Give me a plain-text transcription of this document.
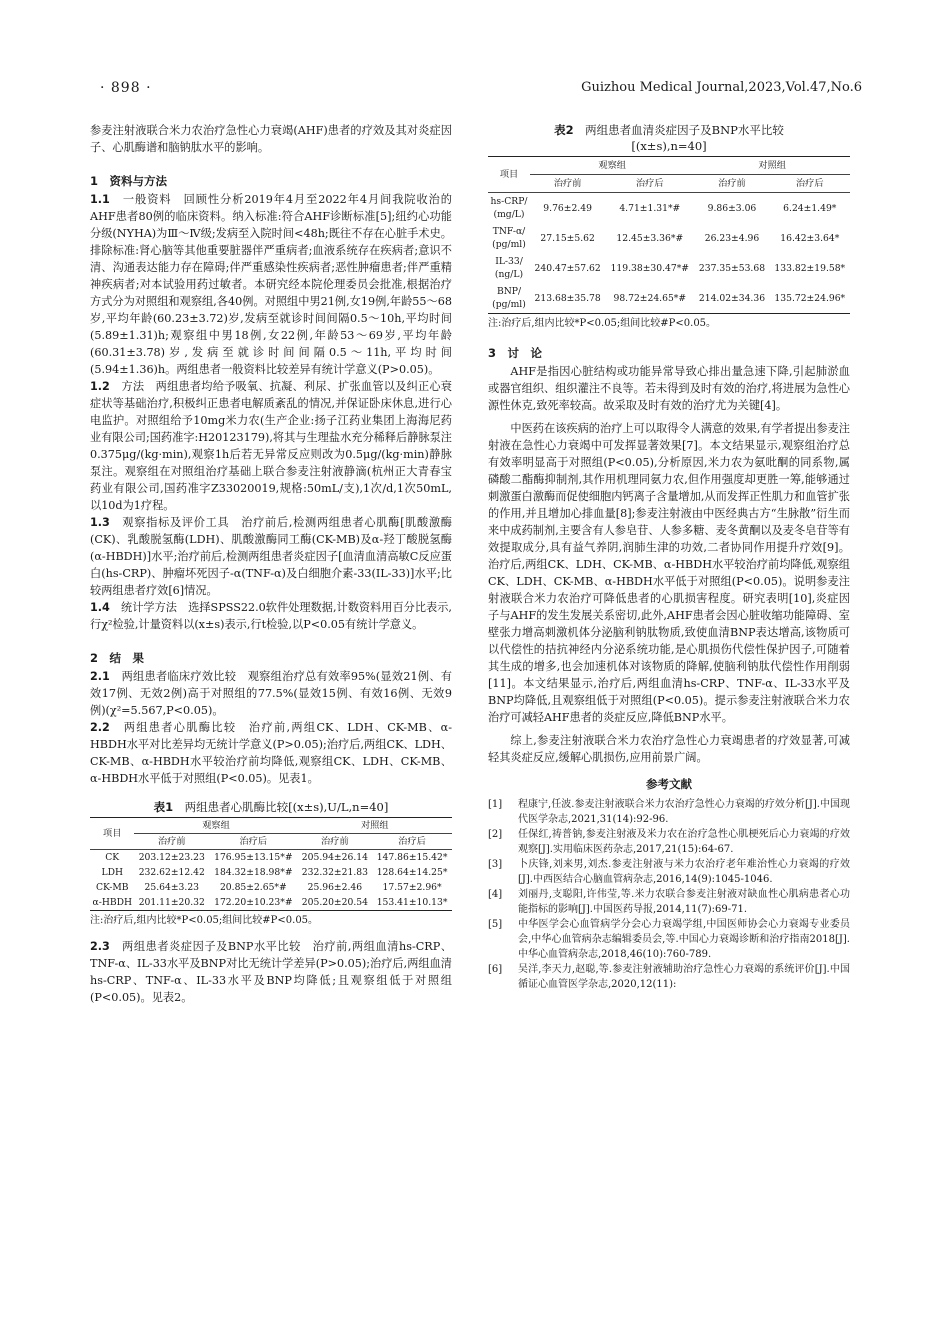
· 898 ·	Guizhou Medical Journal,2023,Vol.47,No.6

参麦注射液联合米力农治疗急性心力衰竭(AHF)患者的疗效及其对炎症因子、心肌酶谱和脑钠肽水平的影响。

1　资料与方法

1.1　一般资料　回顾性分析2019年4月至2022年4月间我院收治的AHF患者80例的临床资料。纳入标准:符合AHF诊断标准[5];纽约心功能分级(NYHA)为Ⅲ～Ⅳ级;发病至入院时间<48h;既往不存在心脏手术史。排除标准:肾心脑等其他重要脏器伴严重病者;血液系统存在疾病者;意识不清、沟通表达能力存在障碍;伴严重感染性疾病者;恶性肿瘤患者;伴严重精神疾病者;对本试验用药过敏者。本研究经本院伦理委员会批准,根据治疗方式分为对照组和观察组,各40例。对照组中男21例,女19例,年龄55～68岁,平均年龄(60.23±3.72)岁,发病至就诊时间间隔0.5～10h,平均时间(5.89±1.31)h;观察组中男18例,女22例,年龄53～69岁,平均年龄(60.31±3.78)岁,发病至就诊时间间隔0.5～11h,平均时间(5.94±1.36)h。两组患者一般资料比较差异有统计学意义(P>0.05)。

1.2　方法　两组患者均给予吸氧、抗凝、利尿、扩张血管以及纠正心衰症状等基础治疗,积极纠正患者电解质紊乱的情况,并保证卧床休息,进行心电监护。对照组给予10mg米力农(生产企业:扬子江药业集团上海海尼药业有限公司;国药准字:H20123179),将其与生理盐水充分稀释后静脉泵注0.375μg/(kg·min),观察1h后若无异常反应则改为0.5μg/(kg·min)静脉泵注。观察组在对照组治疗基础上联合参麦注射液静滴(杭州正大青春宝药业有限公司,国药准字Z33020019,规格:50mL/支),1次/d,1次50mL,以10d为1疗程。

1.3　观察指标及评价工具　治疗前后,检测两组患者心肌酶[肌酸激酶(CK)、乳酸脱氢酶(LDH)、肌酸激酶同工酶(CK-MB)及α-羟丁酸脱氢酶(α-HBDH)]水平;治疗前后,检测两组患者炎症因子[血清血清高敏C反应蛋白(hs-CRP)、肿瘤坏死因子-α(TNF-α)及白细胞介素-33(IL-33)]水平;比较两组患者疗效[6]情况。

1.4　统计学方法　选择SPSS22.0软件处理数据,计数资料用百分比表示,行χ²检验,计量资料以(x±s)表示,行t检验,以P<0.05有统计学意义。

2　结　果

2.1　两组患者临床疗效比较　观察组治疗总有效率95%(显效21例、有效17例、无效2例)高于对照组的77.5%(显效15例、有效16例、无效9例)(χ²=5.567,P<0.05)。

2.2　两组患者心肌酶比较　治疗前,两组CK、LDH、CK-MB、α-HBDH水平对比差异均无统计学意义(P>0.05);治疗后,两组CK、LDH、CK-MB、α-HBDH水平较治疗前均降低,观察组CK、LDH、CK-MB、α-HBDH水平低于对照组(P<0.05)。见表1。

表1　两组患者心肌酶比较[(x±s),U/L,n=40]
项目	观察组		对照组	
	治疗前	治疗后	治疗前	治疗后
CK	203.12±23.23	176.95±13.15*#	205.94±26.14	147.86±15.42*
LDH	232.62±12.42	184.32±18.98*#	232.32±21.83	128.64±14.25*
CK-MB	25.64±3.23	20.85±2.65*#	25.96±2.46	17.57±2.96*
α-HBDH	201.11±20.32	172.20±10.23*#	205.20±20.54	153.41±10.13*
注:治疗后,组内比较*P<0.05;组间比较#P<0.05。

2.3　两组患者炎症因子及BNP水平比较　治疗前,两组血清hs-CRP、TNF-α、IL-33水平及BNP对比无统计学差异(P>0.05);治疗后,两组血清hs-CRP、TNF-α、IL-33水平及BNP均降低;且观察组低于对照组(P<0.05)。见表2。

表2　两组患者血清炎症因子及BNP水平比较
[(x±s),n=40]
项目	观察组		对照组	
	治疗前	治疗后	治疗前	治疗后
hs-CRP/
(mg/L)	9.76±2.49	4.71±1.31*#	9.86±3.06	6.24±1.49*
TNF-α/
(pg/ml)	27.15±5.62	12.45±3.36*#	26.23±4.96	16.42±3.64*
IL-33/
(ng/L)	240.47±57.62	119.38±30.47*#	237.35±53.68	133.82±19.58*
BNP/
(pg/ml)	213.68±35.78	98.72±24.65*#	214.02±34.36	135.72±24.96*
注:治疗后,组内比较*P<0.05;组间比较#P<0.05。
3　讨　论

AHF是指因心脏结构或功能异常导致心排出量急速下降,引起肺淤血或器官组织、组织灌注不良等。若未得到及时有效的治疗,将进展为急性心源性休克,致死率较高。故采取及时有效的治疗尤为关键[4]。

中医药在该疾病的治疗上可以取得令人满意的效果,有学者提出参麦注射液在急性心力衰竭中可发挥显著效果[7]。本文结果显示,观察组治疗总有效率明显高于对照组(P<0.05),分析原因,米力农为氨吡酮的同系物,属磷酸二酯酶抑制剂,其作用机理同氨力农,但作用强度却更胜一筹,能够通过刺激蛋白激酶而促使细胞内钙离子含量增加,从而发挥正性肌力和血管扩张的作用,并且增加心排血量[8];参麦注射液由中医经典古方“生脉散”衍生而来中成药制剂,主要含有人参皂苷、人参多糖、麦冬黄酮以及麦冬皂苷等有效提取成分,具有益气养阴,润肺生津的功效,二者协同作用提升疗效[9]。治疗后,两组CK、LDH、CK-MB、α-HBDH水平较治疗前均降低,观察组CK、LDH、CK-MB、α-HBDH水平低于对照组(P<0.05)。说明参麦注射液联合米力农治疗可降低患者的心肌损害程度。研究表明[10],炎症因子与AHF的发生发展关系密切,此外,AHF患者会因心脏收缩功能障碍、室壁张力增高刺激机体分泌脑利钠肽物质,致使血清BNP表达增高,该物质可以代偿性的拮抗神经内分泌系统功能,是心肌损伤代偿性保护因子,可随着其生成的增多,也会加速机体对该物质的降解,使脑利钠肽代偿性作用削弱[11]。本文结果显示,治疗后,两组血清hs-CRP、TNF-α、IL-33水平及BNP均降低,且观察组低于对照组(P<0.05)。提示参麦注射液联合米力农治疗可减轻AHF患者的炎症反应,降低BNP水平。

综上,参麦注射液联合米力农治疗急性心力衰竭患者的疗效显著,可减轻其炎症反应,缓解心肌损伤,应用前景广阔。

参考文献
[1]	程康宁,任波.参麦注射液联合米力农治疗急性心力衰竭的疗效分析[J].中国现代医学杂志,2021,31(14):92-96.
[2]	任保红,祷普钠,参麦注射液及米力农在治疗急性心肌梗死后心力衰竭的疗效观察[J].实用临床医药杂志,2017,21(15):64-67.
[3]	卜庆锋,刘来男,刘杰.参麦注射液与米力农治疗老年难治性心力衰竭的疗效[J].中西医结合心脑血管病杂志,2016,14(9):1045-1046.
[4]	刘丽丹,支聪阳,许伟莹,等.米力农联合参麦注射液对缺血性心肌病患者心功能指标的影响[J].中国医药导报,2014,11(7):69-71.
[5]	中华医学会心血管病学分会心力衰竭学组,中国医师协会心力衰竭专业委员会,中华心血管病杂志编辑委员会,等.中国心力衰竭诊断和治疗指南2018[J].中华心血管病杂志,2018,46(10):760-789.
[6]	吴洋,李天力,赵聪,等.参麦注射液辅助治疗急性心力衰竭的系统评价[J].中国循证心血管医学杂志,2020,12(11):
